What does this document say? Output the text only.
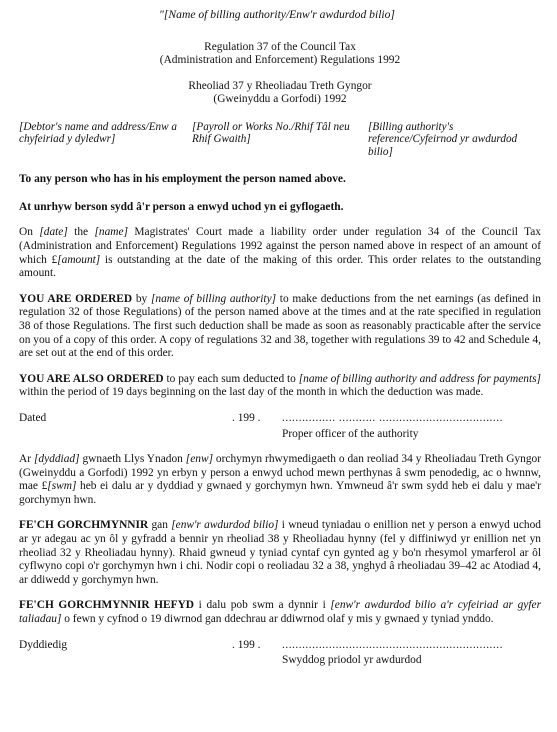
"[Name of billing authority/Enw'r awdurdod bilio]
Regulation 37 of the Council Tax
(Administration and Enforcement) Regulations 1992
Rheoliad 37 y Rheoliadau Treth Gyngor
(Gweinyddu a Gorfodi) 1992
[Debtor's name and address/Enw a chyfeiriad y dyledwr]
[Payroll or Works No./Rhif Tâl neu Rhif Gwaith]
[Billing authority's reference/Cyfeirnod yr awdurdod bilio]
To any person who has in his employment the person named above.
At unrhyw berson sydd â'r person a enwyd uchod yn ei gyflogaeth.

On [date] the [name] Magistrates' Court made a liability order under regulation 34 of the Council Tax (Administration and Enforcement) Regulations 1992 against the person named above in respect of an amount of which £[amount] is outstanding at the date of the making of this order. This order relates to the outstanding amount.

YOU ARE ORDERED by [name of billing authority] to make deductions from the net earnings (as defined in regulation 32 of those Regulations) of the person named above at the times and at the rate specified in regulation 38 of those Regulations. The first such deduction shall be made as soon as reasonably practicable after the service on you of a copy of this order. A copy of regulations 32 and 38, together with regulations 39 to 42 and Schedule 4, are set out at the end of this order.

YOU ARE ALSO ORDERED to pay each sum deducted to [name of billing authority and address for payments] within the period of 19 days beginning on the last day of the month in which the deduction was made.

Dated	. 199 .	................ ........... .....................................
Proper officer of the authority

Ar [dyddiad] gwnaeth Llys Ynadon [enw] orchymyn rhwymedigaeth o dan reoliad 34 y Rheoliadau Treth Gyngor (Gweinyddu a Gorfodi) 1992 yn erbyn y person a enwyd uchod mewn perthynas â swm penodedig, ac o hwnnw, mae £[swm] heb ei dalu ar y dyddiad y gwnaed y gorchymyn hwn. Ymwneud â'r swm sydd heb ei dalu y mae'r gorchymyn hwn.

FE'CH GORCHMYNNIR gan [enw'r awdurdod bilio] i wneud tyniadau o enillion net y person a enwyd uchod ar yr adegau ac yn ôl y gyfradd a bennir yn rheoliad 38 y Rheoliadau hynny (fel y diffiniwyd yr enillion net yn rheoliad 32 y Rheoliadau hynny). Rhaid gwneud y tyniad cyntaf cyn gynted ag y bo'n rhesymol ymarferol ar ôl cyflwyno copi o'r gorchymyn hwn i chi. Nodir copi o reoliadau 32 a 38, ynghyd â rheoliadau 39–42 ac Atodiad 4, ar ddiwedd y gorchymyn hwn.

FE'CH GORCHMYNNIR HEFYD i dalu pob swm a dynnir i [enw'r awdurdod bilio a'r cyfeiriad ar gyfer taliadau] o fewn y cyfnod o 19 diwrnod gan ddechrau ar ddiwrnod olaf y mis y gwnaed y tyniad ynddo.

Dyddiedig	. 199 .	..................................................................
Swyddog priodol yr awdurdod
